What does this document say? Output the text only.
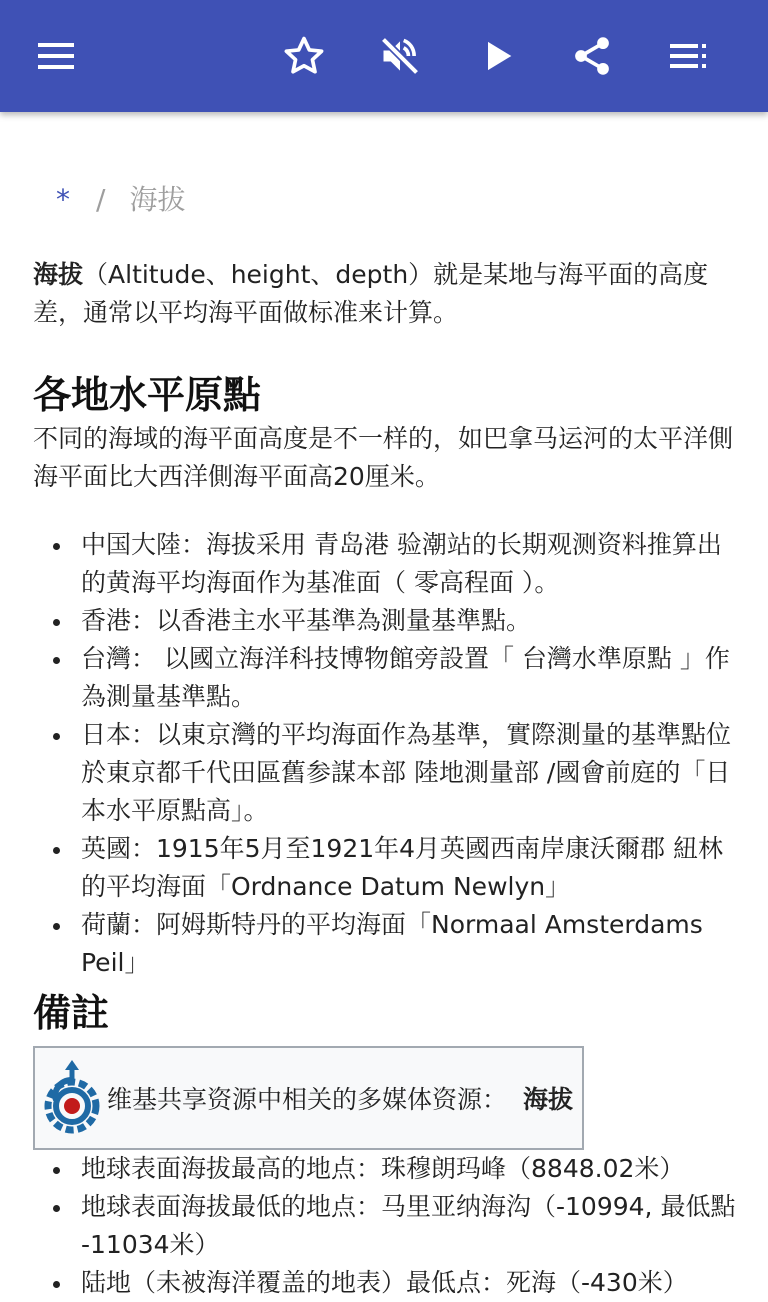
* / 海拔

海拔（Altitude、height、depth）就是某地与海平面的高度差，通常以平均海平面做标准来计算。

各地水平原點

不同的海域的海平面高度是不一样的，如巴拿马运河的太平洋側海平面比大西洋側海平面高20厘米。

中国大陸：海拔采用 青岛港 验潮站的长期观测资料推算出的黄海平均海面作为基准面（ 零高程面 ）。
香港：以香港主水平基準為測量基準點。
台灣： 以國立海洋科技博物館旁設置「 台灣水準原點 」作為測量基準點。
日本：以東京灣的平均海面作為基準，實際測量的基準點位於東京都千代田區舊参謀本部 陸地測量部 /國會前庭的「日本水平原點高」。
英國：1915年5月至1921年4月英國西南岸康沃爾郡 紐林的平均海面「Ordnance Datum Newlyn」
荷蘭：阿姆斯特丹的平均海面「Normaal Amsterdams Peil」
備註
维基共享资源中相关的多媒体资源： 海拔
地球表面海拔最高的地点：珠穆朗玛峰（8848.02米）
地球表面海拔最低的地点：马里亚纳海沟（-10994, 最低點 -11034米）
陆地（未被海洋覆盖的地表）最低点：死海（-430米）
